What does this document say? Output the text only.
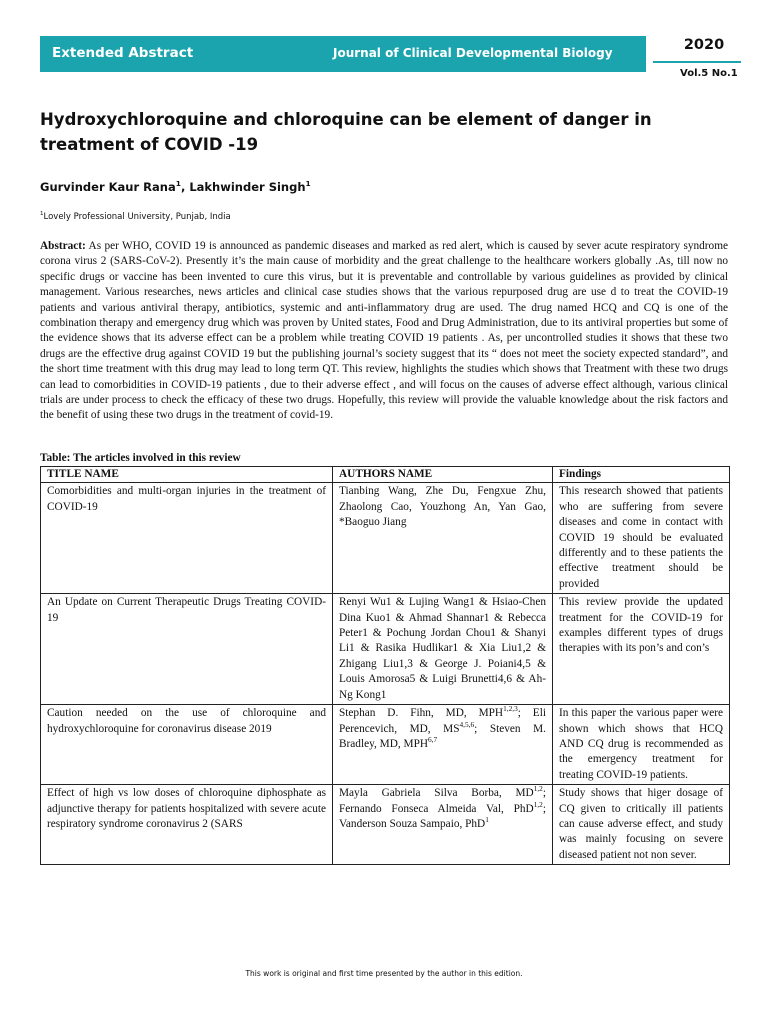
Extended Abstract	Journal of Clinical Developmental Biology	2020
Vol.5 No.1
Hydroxychloroquine and chloroquine can be element of danger in treatment of COVID -19
Gurvinder Kaur Rana$^1$, Lakhwinder Singh$^1$
$^1$Lovely Professional University, Punjab, India
Abstract: As per WHO, COVID 19 is announced as pandemic diseases and marked as red alert, which is caused by sever acute respiratory syndrome corona virus 2 (SARS-CoV-2). Presently it’s the main cause of morbidity and the great challenge to the healthcare workers globally .As, till now no specific drugs or vaccine has been invented to cure this virus, but it is preventable and controllable by various guidelines as provided by clinical management. Various researches, news articles and clinical case studies shows that the various repurposed drug are use d to treat the COVID-19 patients and various antiviral therapy, antibiotics, systemic and anti-inflammatory drug are used. The drug named HCQ and CQ is one of the combination therapy and emergency drug which was proven by United states, Food and Drug Administration, due to its antiviral properties but some of the evidence shows that its adverse effect can be a problem while treating COVID 19 patients . As, per uncontrolled studies it shows that these two drugs are the effective drug against COVID 19 but the publishing journal’s society suggest that its “ does not meet the society expected standard”, and the short time treatment with this drug may lead to long term QT. This review, highlights the studies which shows that Treatment with these two drugs can lead to comorbidities in COVID-19 patients , due to their adverse effect , and will focus on the causes of adverse effect although, various clinical trials are under process to check the efficacy of these two drugs. Hopefully, this review will provide the valuable knowledge about the risk factors and the benefit of using these two drugs in the treatment of covid-19.
Table: The articles involved in this review
TITLE NAME	AUTHORS NAME	Findings
Comorbidities and multi-organ injuries in the treatment of COVID-19	Tianbing Wang, Zhe Du, Fengxue Zhu, Zhaolong Cao, Youzhong An, Yan Gao, *Baoguo Jiang	This research showed that patients who are suffering from severe diseases and come in contact with COVID 19 should be evaluated differently and to these patients the effective treatment should be provided
An Update on Current Therapeutic Drugs Treating COVID-19	Renyi Wu1 & Lujing Wang1 & Hsiao-Chen Dina Kuo1 & Ahmad Shannar1 & Rebecca Peter1 & Pochung Jordan Chou1 & Shanyi Li1 & Rasika Hudlikar1 & Xia Liu1,2 & Zhigang Liu1,3 & George J. Poiani4,5 & Louis Amorosa5 & Luigi Brunetti4,6 & Ah-Ng Kong1	This review provide the updated treatment for the COVID-19 for examples different types of drugs therapies with its pon’s and con’s
Caution needed on the use of chloroquine and hydroxychloroquine for coronavirus disease 2019	Stephan D. Fihn, MD, MPH$^{1,2,3}$; Eli Perencevich, MD, MS$^{4,5,6}$; Steven M. Bradley, MD, MPH$^{6,7}$	In this paper the various paper were shown which shows that HCQ AND CQ drug is recommended as the emergency treatment for treating COVID-19 patients.
Effect of high vs low doses of chloroquine diphosphate as adjunctive therapy for patients hospitalized with severe acute respiratory syndrome coronavirus 2 (SARS	Mayla Gabriela Silva Borba, MD$^{1,2}$; Fernando Fonseca Almeida Val, PhD$^{1,2}$; Vanderson Souza Sampaio, PhD$^1$	Study shows that higer dosage of CQ given to critically ill patients can cause adverse effect, and study was mainly focusing on severe diseased patient not non sever.
This work is original and first time presented by the author in this edition.
